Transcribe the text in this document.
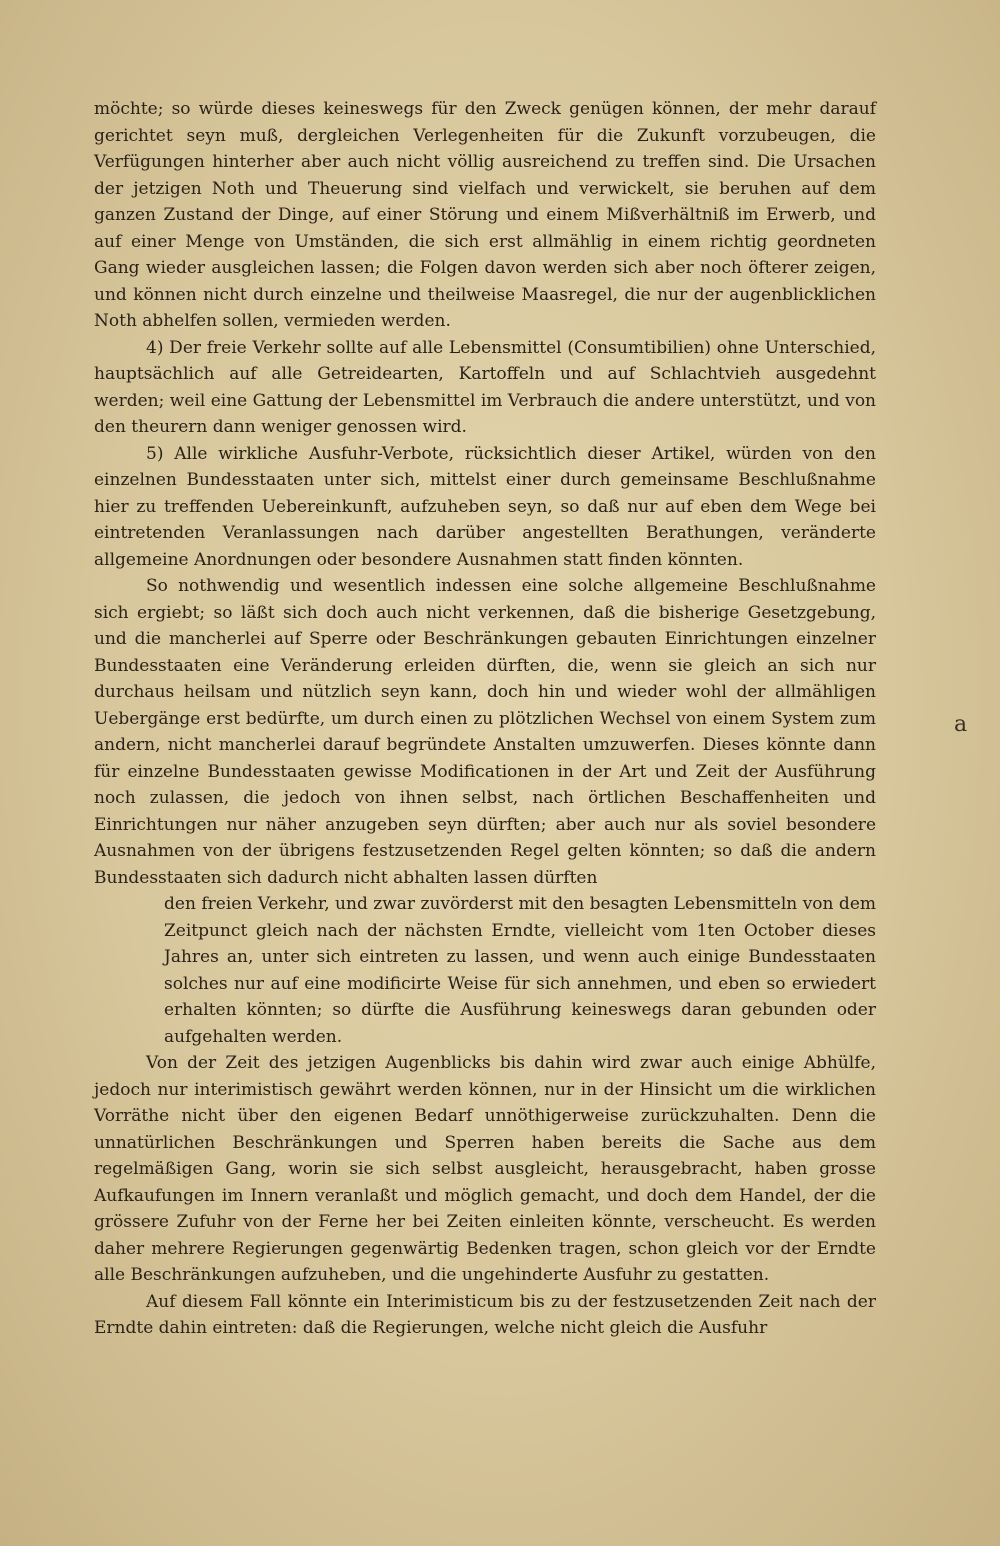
möchte; so würde dieses keineswegs für den Zweck genügen können, der mehr darauf gerichtet seyn muß, dergleichen Verlegenheiten für die Zukunft vorzubeugen, die Verfügungen hinterher aber auch nicht völlig ausreichend zu treffen sind. Die Ursachen der jetzigen Noth und Theuerung sind vielfach und verwickelt, sie beruhen auf dem ganzen Zustand der Dinge, auf einer Störung und einem Mißverhältniß im Erwerb, und auf einer Menge von Umständen, die sich erst allmählig in einem richtig geordneten Gang wieder ausgleichen lassen; die Folgen davon werden sich aber noch öfterer zeigen, und können nicht durch einzelne und theilweise Maasregel, die nur der augenblicklichen Noth abhelfen sollen, vermieden werden.

4) Der freie Verkehr sollte auf alle Lebensmittel (Consumtibilien) ohne Unterschied, hauptsächlich auf alle Getreidearten, Kartoffeln und auf Schlachtvieh ausgedehnt werden; weil eine Gattung der Lebensmittel im Verbrauch die andere unterstützt, und von den theurern dann weniger genossen wird.

5) Alle wirkliche Ausfuhr-Verbote, rücksichtlich dieser Artikel, würden von den einzelnen Bundesstaaten unter sich, mittelst einer durch gemeinsame Beschlußnahme hier zu treffenden Uebereinkunft, aufzuheben seyn, so daß nur auf eben dem Wege bei eintretenden Veranlassungen nach darüber angestellten Berathungen, veränderte allgemeine Anordnungen oder besondere Ausnahmen statt finden könnten.

So nothwendig und wesentlich indessen eine solche allgemeine Beschlußnahme sich ergiebt; so läßt sich doch auch nicht verkennen, daß die bisherige Gesetzgebung, und die mancherlei auf Sperre oder Beschränkungen gebauten Einrichtungen einzelner Bundesstaaten eine Veränderung erleiden dürften, die, wenn sie gleich an sich nur durchaus heilsam und nützlich seyn kann, doch hin und wieder wohl der allmähligen Uebergänge erst bedürfte, um durch einen zu plötzlichen Wechsel von einem System zum andern, nicht mancherlei darauf begründete Anstalten umzuwerfen. Dieses könnte dann für einzelne Bundesstaaten gewisse Modificationen in der Art und Zeit der Ausführung noch zulassen, die jedoch von ihnen selbst, nach örtlichen Beschaffenheiten und Einrichtungen nur näher anzugeben seyn dürften; aber auch nur als soviel besondere Ausnahmen von der übrigens festzusetzenden Regel gelten könnten; so daß die andern Bundesstaaten sich dadurch nicht abhalten lassen dürften

den freien Verkehr, und zwar zuvörderst mit den besagten Lebensmitteln von dem Zeitpunct gleich nach der nächsten Erndte, vielleicht vom 1ten October dieses Jahres an, unter sich eintreten zu lassen, und wenn auch einige Bundesstaaten solches nur auf eine modificirte Weise für sich annehmen, und eben so erwiedert erhalten könnten; so dürfte die Ausführung keineswegs daran gebunden oder aufgehalten werden.

Von der Zeit des jetzigen Augenblicks bis dahin wird zwar auch einige Abhülfe, jedoch nur interimistisch gewährt werden können, nur in der Hinsicht um die wirklichen Vorräthe nicht über den eigenen Bedarf unnöthigerweise zurückzuhalten. Denn die unnatürlichen Beschränkungen und Sperren haben bereits die Sache aus dem regelmäßigen Gang, worin sie sich selbst ausgleicht, herausgebracht, haben grosse Aufkaufungen im Innern veranlaßt und möglich gemacht, und doch dem Handel, der die grössere Zufuhr von der Ferne her bei Zeiten einleiten könnte, verscheucht. Es werden daher mehrere Regierungen gegenwärtig Bedenken tragen, schon gleich vor der Erndte alle Beschränkungen aufzuheben, und die ungehinderte Ausfuhr zu gestatten.

Auf diesem Fall könnte ein Interimisticum bis zu der festzusetzenden Zeit nach der Erndte dahin eintreten: daß die Regierungen, welche nicht gleich die Ausfuhr

a
